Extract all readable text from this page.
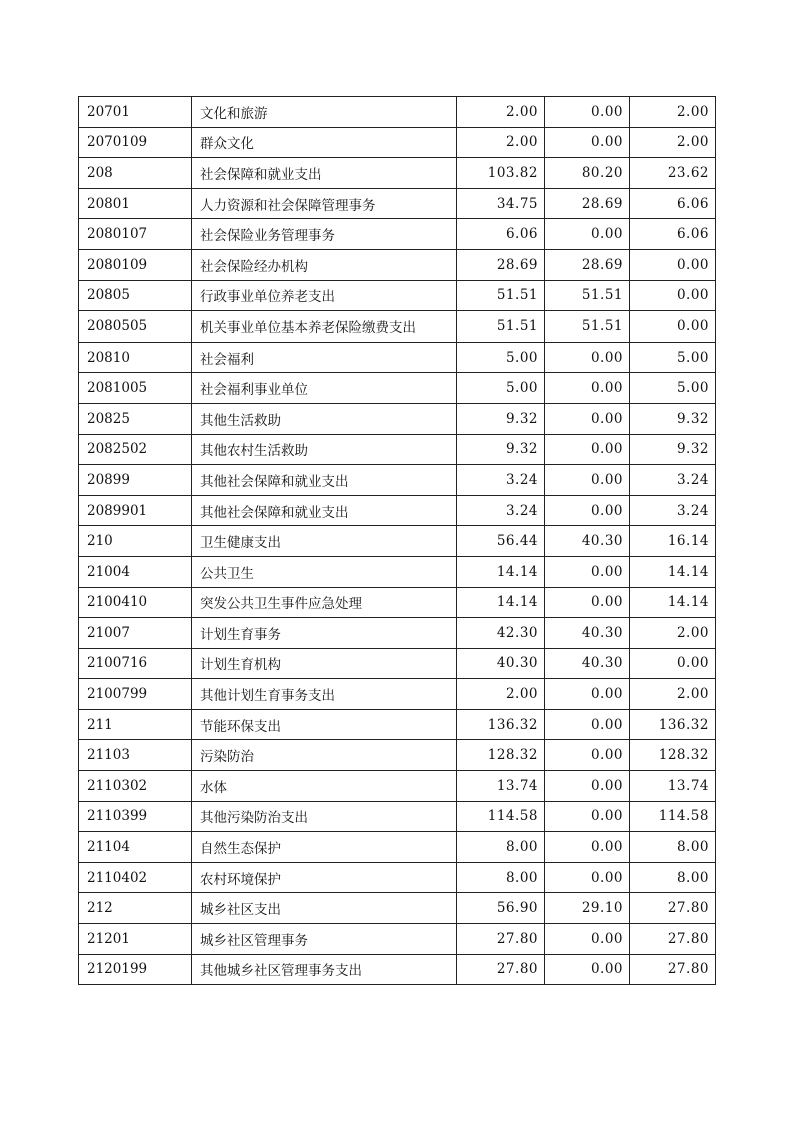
20701	文化和旅游	2.00	0.00	2.00
2070109	群众文化	2.00	0.00	2.00
208	社会保障和就业支出	103.82	80.20	23.62
20801	人力资源和社会保障管理事务	34.75	28.69	6.06
2080107	社会保险业务管理事务	6.06	0.00	6.06
2080109	社会保险经办机构	28.69	28.69	0.00
20805	行政事业单位养老支出	51.51	51.51	0.00
2080505	机关事业单位基本养老保险缴费支出	51.51	51.51	0.00
20810	社会福利	5.00	0.00	5.00
2081005	社会福利事业单位	5.00	0.00	5.00
20825	其他生活救助	9.32	0.00	9.32
2082502	其他农村生活救助	9.32	0.00	9.32
20899	其他社会保障和就业支出	3.24	0.00	3.24
2089901	其他社会保障和就业支出	3.24	0.00	3.24
210	卫生健康支出	56.44	40.30	16.14
21004	公共卫生	14.14	0.00	14.14
2100410	突发公共卫生事件应急处理	14.14	0.00	14.14
21007	计划生育事务	42.30	40.30	2.00
2100716	计划生育机构	40.30	40.30	0.00
2100799	其他计划生育事务支出	2.00	0.00	2.00
211	节能环保支出	136.32	0.00	136.32
21103	污染防治	128.32	0.00	128.32
2110302	水体	13.74	0.00	13.74
2110399	其他污染防治支出	114.58	0.00	114.58
21104	自然生态保护	8.00	0.00	8.00
2110402	农村环境保护	8.00	0.00	8.00
212	城乡社区支出	56.90	29.10	27.80
21201	城乡社区管理事务	27.80	0.00	27.80
2120199	其他城乡社区管理事务支出	27.80	0.00	27.80
